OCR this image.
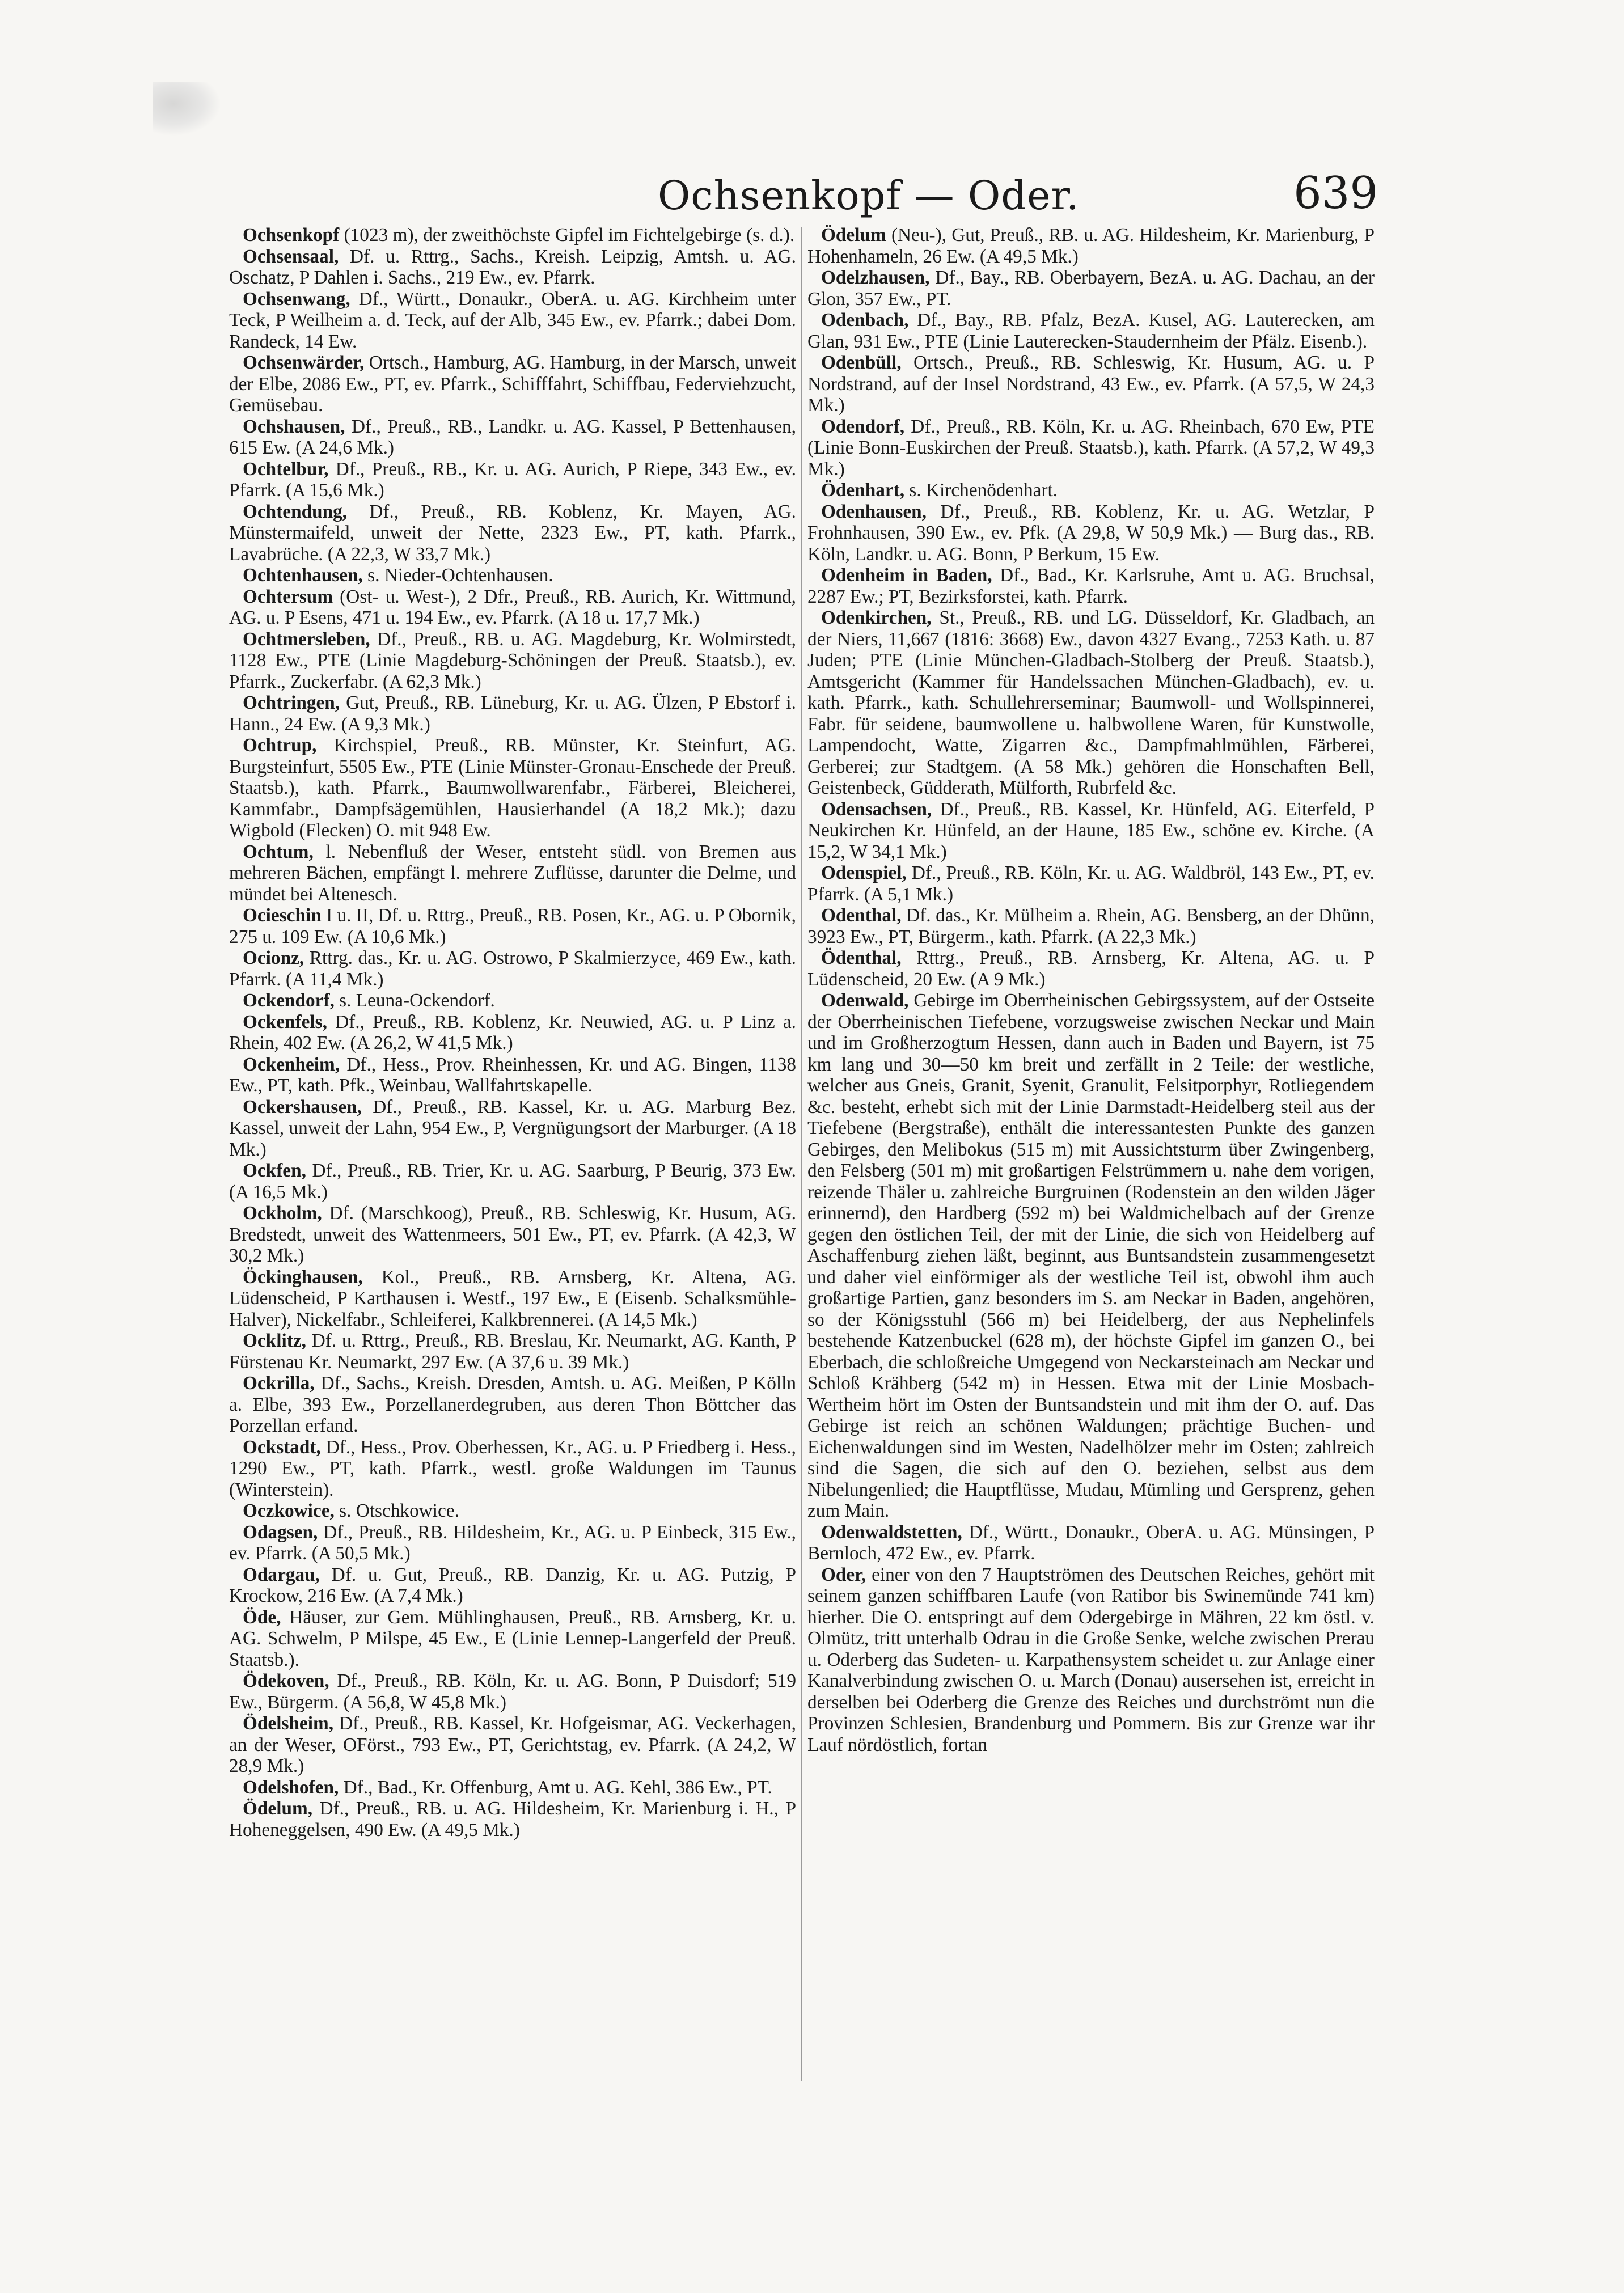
Ochsenkopf — Oder.	639

Ochsenkopf (1023 m), der zweithöchste Gipfel im Fichtelgebirge (s. d.).

Ochsensaal, Df. u. Rttrg., Sachs., Kreish. Leipzig, Amtsh. u. AG. Oschatz, P Dahlen i. Sachs., 219 Ew., ev. Pfarrk.

Ochsenwang, Df., Württ., Donaukr., OberA. u. AG. Kirchheim unter Teck, P Weilheim a. d. Teck, auf der Alb, 345 Ew., ev. Pfarrk.; dabei Dom. Randeck, 14 Ew.

Ochsenwärder, Ortsch., Hamburg, AG. Hamburg, in der Marsch, unweit der Elbe, 2086 Ew., PT, ev. Pfarrk., Schifffahrt, Schiffbau, Federviehzucht, Gemüsebau.

Ochshausen, Df., Preuß., RB., Landkr. u. AG. Kassel, P Bettenhausen, 615 Ew. (A 24,6 Mk.)

Ochtelbur, Df., Preuß., RB., Kr. u. AG. Aurich, P Riepe, 343 Ew., ev. Pfarrk. (A 15,6 Mk.)

Ochtendung, Df., Preuß., RB. Koblenz, Kr. Mayen, AG. Münstermaifeld, unweit der Nette, 2323 Ew., PT, kath. Pfarrk., Lavabrüche. (A 22,3, W 33,7 Mk.)

Ochtenhausen, s. Nieder-Ochtenhausen.

Ochtersum (Ost- u. West-), 2 Dfr., Preuß., RB. Aurich, Kr. Wittmund, AG. u. P Esens, 471 u. 194 Ew., ev. Pfarrk. (A 18 u. 17,7 Mk.)

Ochtmersleben, Df., Preuß., RB. u. AG. Magdeburg, Kr. Wolmirstedt, 1128 Ew., PTE (Linie Magdeburg-Schöningen der Preuß. Staatsb.), ev. Pfarrk., Zuckerfabr. (A 62,3 Mk.)

Ochtringen, Gut, Preuß., RB. Lüneburg, Kr. u. AG. Ülzen, P Ebstorf i. Hann., 24 Ew. (A 9,3 Mk.)

Ochtrup, Kirchspiel, Preuß., RB. Münster, Kr. Steinfurt, AG. Burgsteinfurt, 5505 Ew., PTE (Linie Münster-Gronau-Enschede der Preuß. Staatsb.), kath. Pfarrk., Baumwollwarenfabr., Färberei, Bleicherei, Kammfabr., Dampfsägemühlen, Hausierhandel (A 18,2 Mk.); dazu Wigbold (Flecken) O. mit 948 Ew.

Ochtum, l. Nebenfluß der Weser, entsteht südl. von Bremen aus mehreren Bächen, empfängt l. mehrere Zuflüsse, darunter die Delme, und mündet bei Altenesch.

Ocieschin I u. II, Df. u. Rttrg., Preuß., RB. Posen, Kr., AG. u. P Obornik, 275 u. 109 Ew. (A 10,6 Mk.)

Ocionz, Rttrg. das., Kr. u. AG. Ostrowo, P Skalmierzyce, 469 Ew., kath. Pfarrk. (A 11,4 Mk.)

Ockendorf, s. Leuna-Ockendorf.

Ockenfels, Df., Preuß., RB. Koblenz, Kr. Neuwied, AG. u. P Linz a. Rhein, 402 Ew. (A 26,2, W 41,5 Mk.)

Ockenheim, Df., Hess., Prov. Rheinhessen, Kr. und AG. Bingen, 1138 Ew., PT, kath. Pfk., Weinbau, Wallfahrtskapelle.

Ockershausen, Df., Preuß., RB. Kassel, Kr. u. AG. Marburg Bez. Kassel, unweit der Lahn, 954 Ew., P, Vergnügungsort der Marburger. (A 18 Mk.)

Ockfen, Df., Preuß., RB. Trier, Kr. u. AG. Saarburg, P Beurig, 373 Ew. (A 16,5 Mk.)

Ockholm, Df. (Marschkoog), Preuß., RB. Schleswig, Kr. Husum, AG. Bredstedt, unweit des Wattenmeers, 501 Ew., PT, ev. Pfarrk. (A 42,3, W 30,2 Mk.)

Öckinghausen, Kol., Preuß., RB. Arnsberg, Kr. Altena, AG. Lüdenscheid, P Karthausen i. Westf., 197 Ew., E (Eisenb. Schalksmühle-Halver), Nickelfabr., Schleiferei, Kalkbrennerei. (A 14,5 Mk.)

Ocklitz, Df. u. Rttrg., Preuß., RB. Breslau, Kr. Neumarkt, AG. Kanth, P Fürstenau Kr. Neumarkt, 297 Ew. (A 37,6 u. 39 Mk.)

Ockrilla, Df., Sachs., Kreish. Dresden, Amtsh. u. AG. Meißen, P Kölln a. Elbe, 393 Ew., Porzellanerdegruben, aus deren Thon Böttcher das Porzellan erfand.

Ockstadt, Df., Hess., Prov. Oberhessen, Kr., AG. u. P Friedberg i. Hess., 1290 Ew., PT, kath. Pfarrk., westl. große Waldungen im Taunus (Winterstein).

Oczkowice, s. Otschkowice.

Odagsen, Df., Preuß., RB. Hildesheim, Kr., AG. u. P Einbeck, 315 Ew., ev. Pfarrk. (A 50,5 Mk.)

Odargau, Df. u. Gut, Preuß., RB. Danzig, Kr. u. AG. Putzig, P Krockow, 216 Ew. (A 7,4 Mk.)

Öde, Häuser, zur Gem. Mühlinghausen, Preuß., RB. Arnsberg, Kr. u. AG. Schwelm, P Milspe, 45 Ew., E (Linie Lennep-Langerfeld der Preuß. Staatsb.).

Ödekoven, Df., Preuß., RB. Köln, Kr. u. AG. Bonn, P Duisdorf; 519 Ew., Bürgerm. (A 56,8, W 45,8 Mk.)

Ödelsheim, Df., Preuß., RB. Kassel, Kr. Hofgeismar, AG. Veckerhagen, an der Weser, OFörst., 793 Ew., PT, Gerichtstag, ev. Pfarrk. (A 24,2, W 28,9 Mk.)

Odelshofen, Df., Bad., Kr. Offenburg, Amt u. AG. Kehl, 386 Ew., PT.

Ödelum, Df., Preuß., RB. u. AG. Hildesheim, Kr. Marienburg i. H., P Hoheneggelsen, 490 Ew. (A 49,5 Mk.)

Ödelum (Neu-), Gut, Preuß., RB. u. AG. Hildesheim, Kr. Marienburg, P Hohenhameln, 26 Ew. (A 49,5 Mk.)

Odelzhausen, Df., Bay., RB. Oberbayern, BezA. u. AG. Dachau, an der Glon, 357 Ew., PT.

Odenbach, Df., Bay., RB. Pfalz, BezA. Kusel, AG. Lauterecken, am Glan, 931 Ew., PTE (Linie Lauterecken-Staudernheim der Pfälz. Eisenb.).

Odenbüll, Ortsch., Preuß., RB. Schleswig, Kr. Husum, AG. u. P Nordstrand, auf der Insel Nordstrand, 43 Ew., ev. Pfarrk. (A 57,5, W 24,3 Mk.)

Odendorf, Df., Preuß., RB. Köln, Kr. u. AG. Rheinbach, 670 Ew, PTE (Linie Bonn-Euskirchen der Preuß. Staatsb.), kath. Pfarrk. (A 57,2, W 49,3 Mk.)

Ödenhart, s. Kirchenödenhart.

Odenhausen, Df., Preuß., RB. Koblenz, Kr. u. AG. Wetzlar, P Frohnhausen, 390 Ew., ev. Pfk. (A 29,8, W 50,9 Mk.) — Burg das., RB. Köln, Landkr. u. AG. Bonn, P Berkum, 15 Ew.

Odenheim in Baden, Df., Bad., Kr. Karlsruhe, Amt u. AG. Bruchsal, 2287 Ew.; PT, Bezirksforstei, kath. Pfarrk.

Odenkirchen, St., Preuß., RB. und LG. Düsseldorf, Kr. Gladbach, an der Niers, 11,667 (1816: 3668) Ew., davon 4327 Evang., 7253 Kath. u. 87 Juden; PTE (Linie München-Gladbach-Stolberg der Preuß. Staatsb.), Amtsgericht (Kammer für Handelssachen München-Gladbach), ev. u. kath. Pfarrk., kath. Schullehrerseminar; Baumwoll- und Wollspinnerei, Fabr. für seidene, baumwollene u. halbwollene Waren, für Kunstwolle, Lampendocht, Watte, Zigarren &c., Dampfmahlmühlen, Färberei, Gerberei; zur Stadtgem. (A 58 Mk.) gehören die Honschaften Bell, Geistenbeck, Güdderath, Mülforth, Rubrfeld &c.

Odensachsen, Df., Preuß., RB. Kassel, Kr. Hünfeld, AG. Eiterfeld, P Neukirchen Kr. Hünfeld, an der Haune, 185 Ew., schöne ev. Kirche. (A 15,2, W 34,1 Mk.)

Odenspiel, Df., Preuß., RB. Köln, Kr. u. AG. Waldbröl, 143 Ew., PT, ev. Pfarrk. (A 5,1 Mk.)

Odenthal, Df. das., Kr. Mülheim a. Rhein, AG. Bensberg, an der Dhünn, 3923 Ew., PT, Bürgerm., kath. Pfarrk. (A 22,3 Mk.)

Ödenthal, Rttrg., Preuß., RB. Arnsberg, Kr. Altena, AG. u. P Lüdenscheid, 20 Ew. (A 9 Mk.)

Odenwald, Gebirge im Oberrheinischen Gebirgssystem, auf der Ostseite der Oberrheinischen Tiefebene, vorzugsweise zwischen Neckar und Main und im Großherzogtum Hessen, dann auch in Baden und Bayern, ist 75 km lang und 30—50 km breit und zerfällt in 2 Teile: der westliche, welcher aus Gneis, Granit, Syenit, Granulit, Felsitporphyr, Rotliegendem &c. besteht, erhebt sich mit der Linie Darmstadt-Heidelberg steil aus der Tiefebene (Bergstraße), enthält die interessantesten Punkte des ganzen Gebirges, den Melibokus (515 m) mit Aussichtsturm über Zwingenberg, den Felsberg (501 m) mit großartigen Felstrümmern u. nahe dem vorigen, reizende Thäler u. zahlreiche Burgruinen (Rodenstein an den wilden Jäger erinnernd), den Hardberg (592 m) bei Waldmichelbach auf der Grenze gegen den östlichen Teil, der mit der Linie, die sich von Heidelberg auf Aschaffenburg ziehen läßt, beginnt, aus Buntsandstein zusammengesetzt und daher viel einförmiger als der westliche Teil ist, obwohl ihm auch großartige Partien, ganz besonders im S. am Neckar in Baden, angehören, so der Königsstuhl (566 m) bei Heidelberg, der aus Nephelinfels bestehende Katzenbuckel (628 m), der höchste Gipfel im ganzen O., bei Eberbach, die schloßreiche Umgegend von Neckarsteinach am Neckar und Schloß Krähberg (542 m) in Hessen. Etwa mit der Linie Mosbach-Wertheim hört im Osten der Buntsandstein und mit ihm der O. auf. Das Gebirge ist reich an schönen Waldungen; prächtige Buchen- und Eichenwaldungen sind im Westen, Nadelhölzer mehr im Osten; zahlreich sind die Sagen, die sich auf den O. beziehen, selbst aus dem Nibelungenlied; die Hauptflüsse, Mudau, Mümling und Gersprenz, gehen zum Main.

Odenwaldstetten, Df., Württ., Donaukr., OberA. u. AG. Münsingen, P Bernloch, 472 Ew., ev. Pfarrk.

Oder, einer von den 7 Hauptströmen des Deutschen Reiches, gehört mit seinem ganzen schiffbaren Laufe (von Ratibor bis Swinemünde 741 km) hierher. Die O. entspringt auf dem Odergebirge in Mähren, 22 km östl. v. Olmütz, tritt unterhalb Odrau in die Große Senke, welche zwischen Prerau u. Oderberg das Sudeten- u. Karpathensystem scheidet u. zur Anlage einer Kanalverbindung zwischen O. u. March (Donau) ausersehen ist, erreicht in derselben bei Oderberg die Grenze des Reiches und durchströmt nun die Provinzen Schlesien, Brandenburg und Pommern. Bis zur Grenze war ihr Lauf nördöstlich, fortan
